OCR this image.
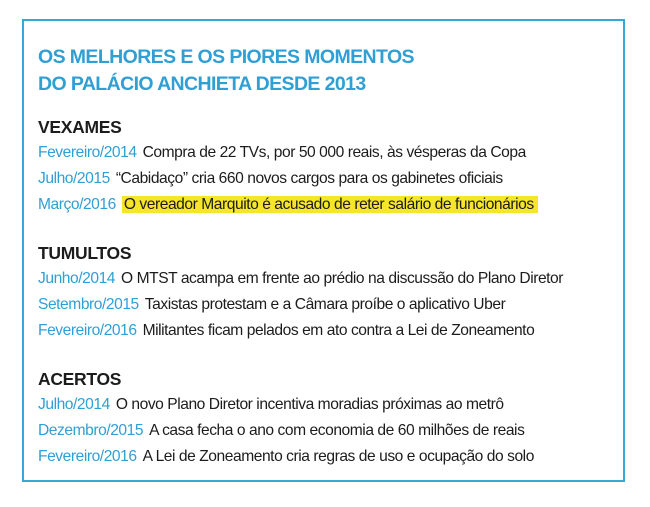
OS MELHORES E OS PIORES MOMENTOS
DO PALÁCIO ANCHIETA DESDE 2013
VEXAMES
Fevereiro/2014 Compra de 22 TVs, por 50 000 reais, às vésperas da Copa
Julho/2015 “Cabidaço” cria 660 novos cargos para os gabinetes oficiais
Março/2016 O vereador Marquito é acusado de reter salário de funcionários
TUMULTOS
Junho/2014 O MTST acampa em frente ao prédio na discussão do Plano Diretor
Setembro/2015 Taxistas protestam e a Câmara proíbe o aplicativo Uber
Fevereiro/2016 Militantes ficam pelados em ato contra a Lei de Zoneamento
ACERTOS
Julho/2014 O novo Plano Diretor incentiva moradias próximas ao metrô
Dezembro/2015 A casa fecha o ano com economia de 60 milhões de reais
Fevereiro/2016 A Lei de Zoneamento cria regras de uso e ocupação do solo
